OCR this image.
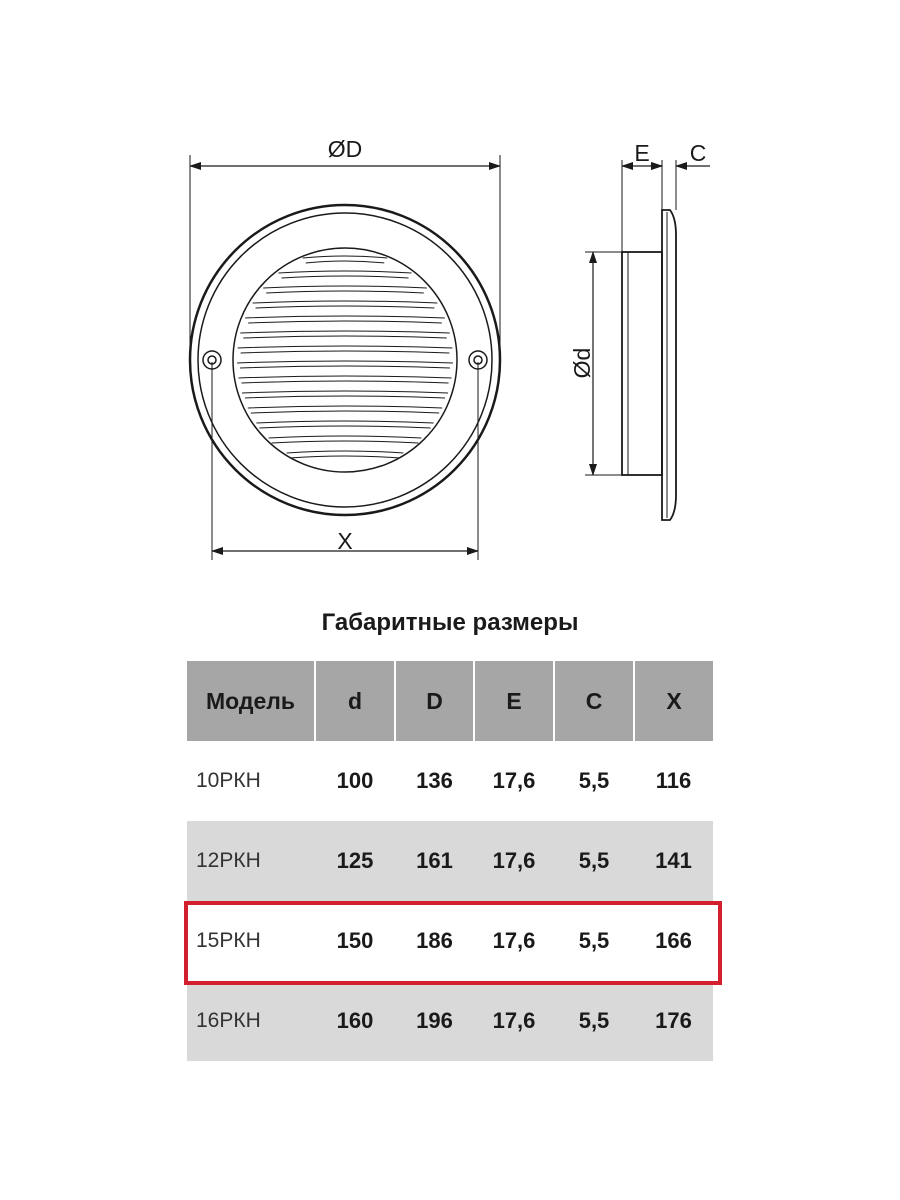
ØD
X
E C
Ød
Габаритные размеры
Модель	d	D	E	C	X
10РКН	100	136	17,6	5,5	116
12РКН	125	161	17,6	5,5	141
15РКН	150	186	17,6	5,5	166
16РКН	160	196	17,6	5,5	176
